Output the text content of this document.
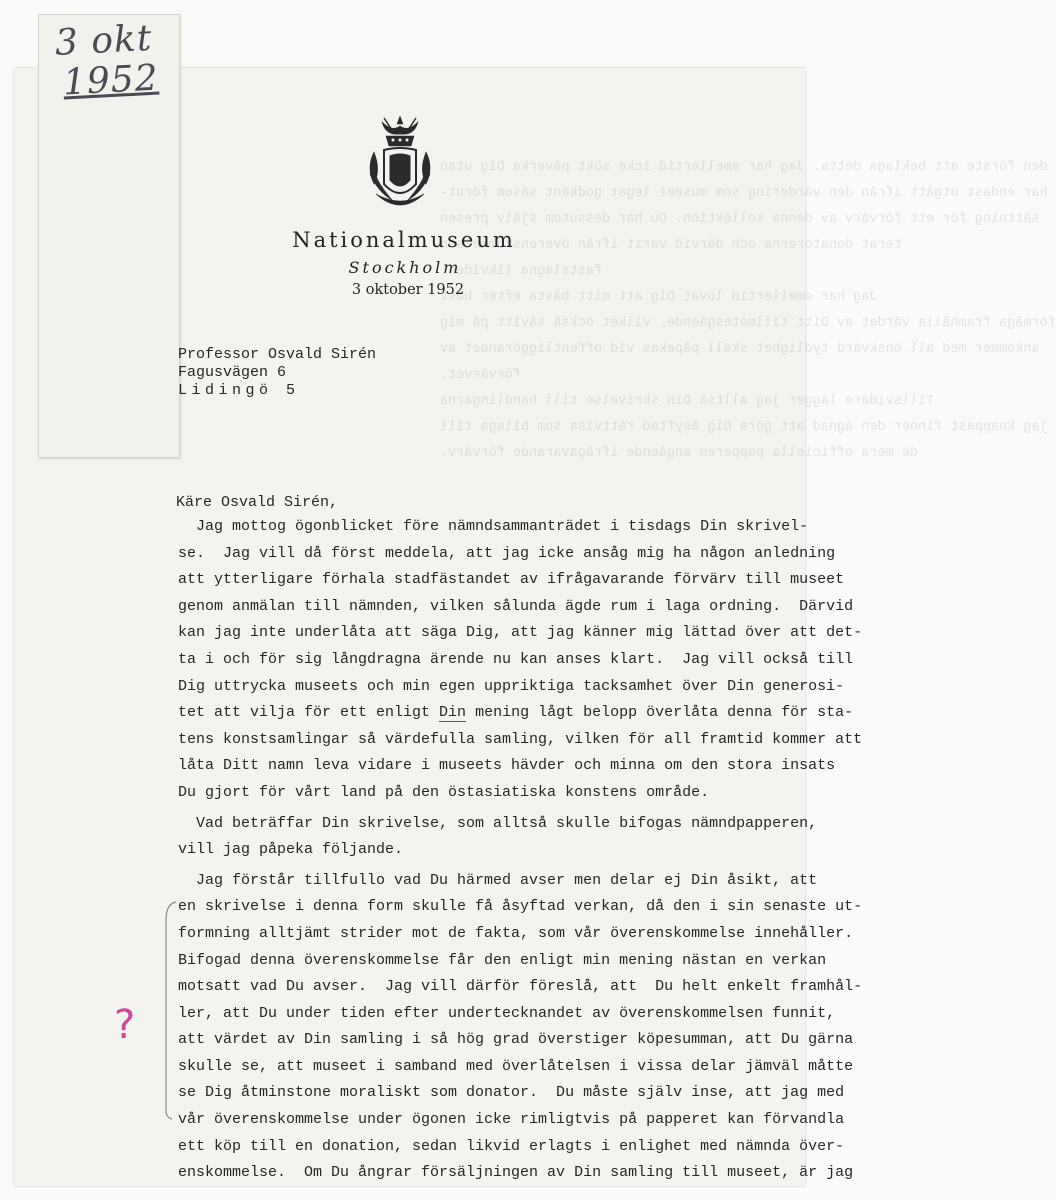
den förste att beklaga detta. Jag har emellertid icke sökt påverka Dig utan
har endast utgått ifrån den värdering som museet legat godkänt såsom förut-
sättning för ett förvärv av denna kollektion. Du har dessutom själv presen
terat donatorerna och därvid varit ifrån överenskommelsen
fastslagna likviden.
Jag har emellertid lovat Dig att mitt bästa efter bäst
förmåga framhålla värdet av Ditt tillmötesgående, vilket också såvitt på mig
ankommer med all önskvärd tydlighet skall påpekas vid offentliggörandet av
förvärvet.
Tillsvidare lägger jag alltså Din skrivelse till handlingarna
jag knappast finner den ägnad att göra Dig åsyftad rättvisa som bilaga till
de mera officiella papperen angående ifrågavarande förvärv.
3 okt
1952
Nationalmuseum
Stockholm
3 oktober 1952
Professor Osvald Sirén
Fagusvägen 6
Lidingö 5
Käre Osvald Sirén,
Jag mottog ögonblicket före nämndsammanträdet i tisdags Din skrivel-
se.  Jag vill då först meddela, att jag icke ansåg mig ha någon anledning
att ytterligare förhala stadfästandet av ifrågavarande förvärv till museet
genom anmälan till nämnden, vilken sålunda ägde rum i laga ordning.  Därvid
kan jag inte underlåta att säga Dig, att jag känner mig lättad över att det-
ta i och för sig långdragna ärende nu kan anses klart.  Jag vill också till
Dig uttrycka museets och min egen uppriktiga tacksamhet över Din generosi-
tet att vilja för ett enligt Din mening lågt belopp överlåta denna för sta-
tens konstsamlingar så värdefulla samling, vilken för all framtid kommer att
låta Ditt namn leva vidare i museets hävder och minna om den stora insats
Du gjort för vårt land på den östasiatiska konstens område.
Vad beträffar Din skrivelse, som alltså skulle bifogas nämndpapperen,
vill jag påpeka följande.
Jag förstår tillfullo vad Du härmed avser men delar ej Din åsikt, att
en skrivelse i denna form skulle få åsyftad verkan, då den i sin senaste ut-
formning alltjämt strider mot de fakta, som vår överenskommelse innehåller.
Bifogad denna överenskommelse får den enligt min mening nästan en verkan
motsatt vad Du avser.  Jag vill därför föreslå, att  Du helt enkelt framhål-
ler, att Du under tiden efter undertecknandet av överenskommelsen funnit,
att värdet av Din samling i så hög grad överstiger köpesumman, att Du gärna
skulle se, att museet i samband med överlåtelsen i vissa delar jämväl måtte
se Dig åtminstone moraliskt som donator.  Du måste själv inse, att jag med
vår överenskommelse under ögonen icke rimligtvis på papperet kan förvandla
ett köp till en donation, sedan likvid erlagts i enlighet med nämnda över-
enskommelse.  Om Du ångrar försäljningen av Din samling till museet, är jag
?
